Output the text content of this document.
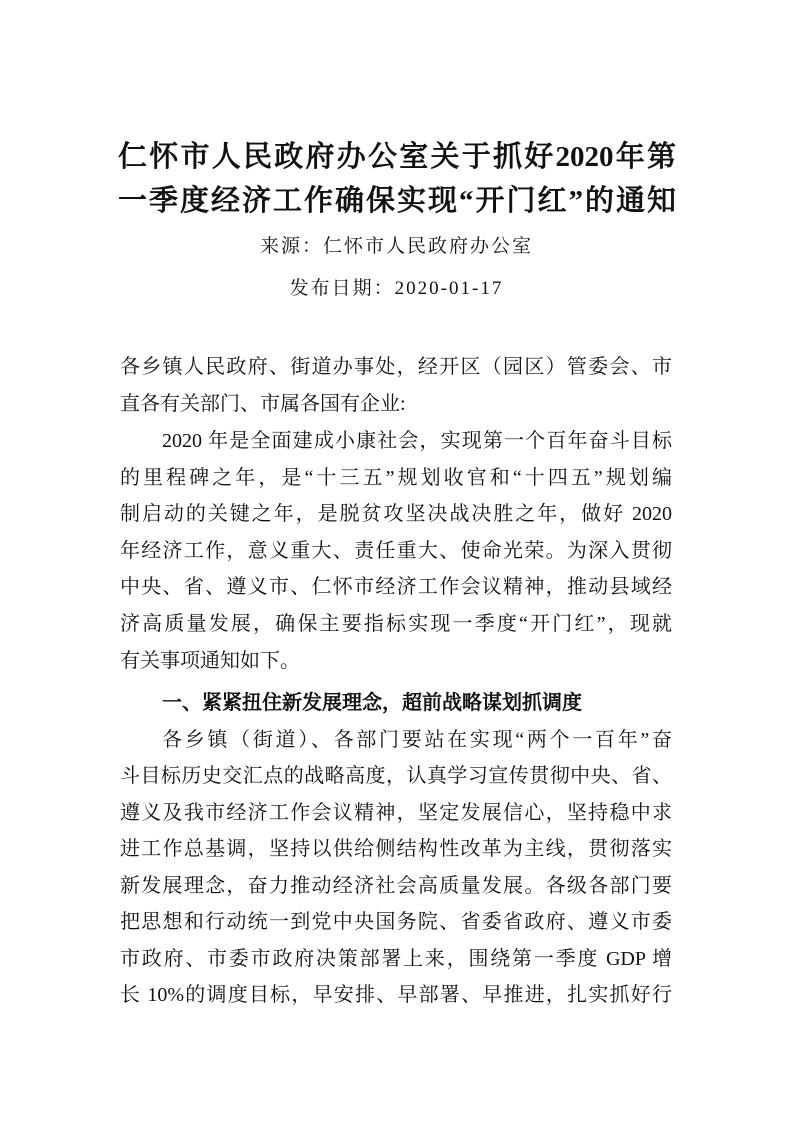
仁怀市人民政府办公室关于抓好2020年第
一季度经济工作确保实现“开门红”的通知
来源：仁怀市人民政府办公室
发布日期：2020-01-17
各乡镇人民政府、街道办事处，经开区（园区）管委会、市
直各有关部门、市属各国有企业:
2020 年是全面建成小康社会，实现第一个百年奋斗目标
的里程碑之年，是“十三五”规划收官和“十四五”规划编
制启动的关键之年，是脱贫攻坚决战决胜之年，做好 2020
年经济工作，意义重大、责任重大、使命光荣。为深入贯彻
中央、省、遵义市、仁怀市经济工作会议精神，推动县域经
济高质量发展，确保主要指标实现一季度“开门红”，现就
有关事项通知如下。
一、紧紧扭住新发展理念，超前战略谋划抓调度
各乡镇（街道）、各部门要站在实现“两个一百年”奋
斗目标历史交汇点的战略高度，认真学习宣传贯彻中央、省、
遵义及我市经济工作会议精神，坚定发展信心，坚持稳中求
进工作总基调，坚持以供给侧结构性改革为主线，贯彻落实
新发展理念，奋力推动经济社会高质量发展。各级各部门要
把思想和行动统一到党中央国务院、省委省政府、遵义市委
市政府、市委市政府决策部署上来，围绕第一季度 GDP 增
长 10%的调度目标，早安排、早部署、早推进，扎实抓好行
